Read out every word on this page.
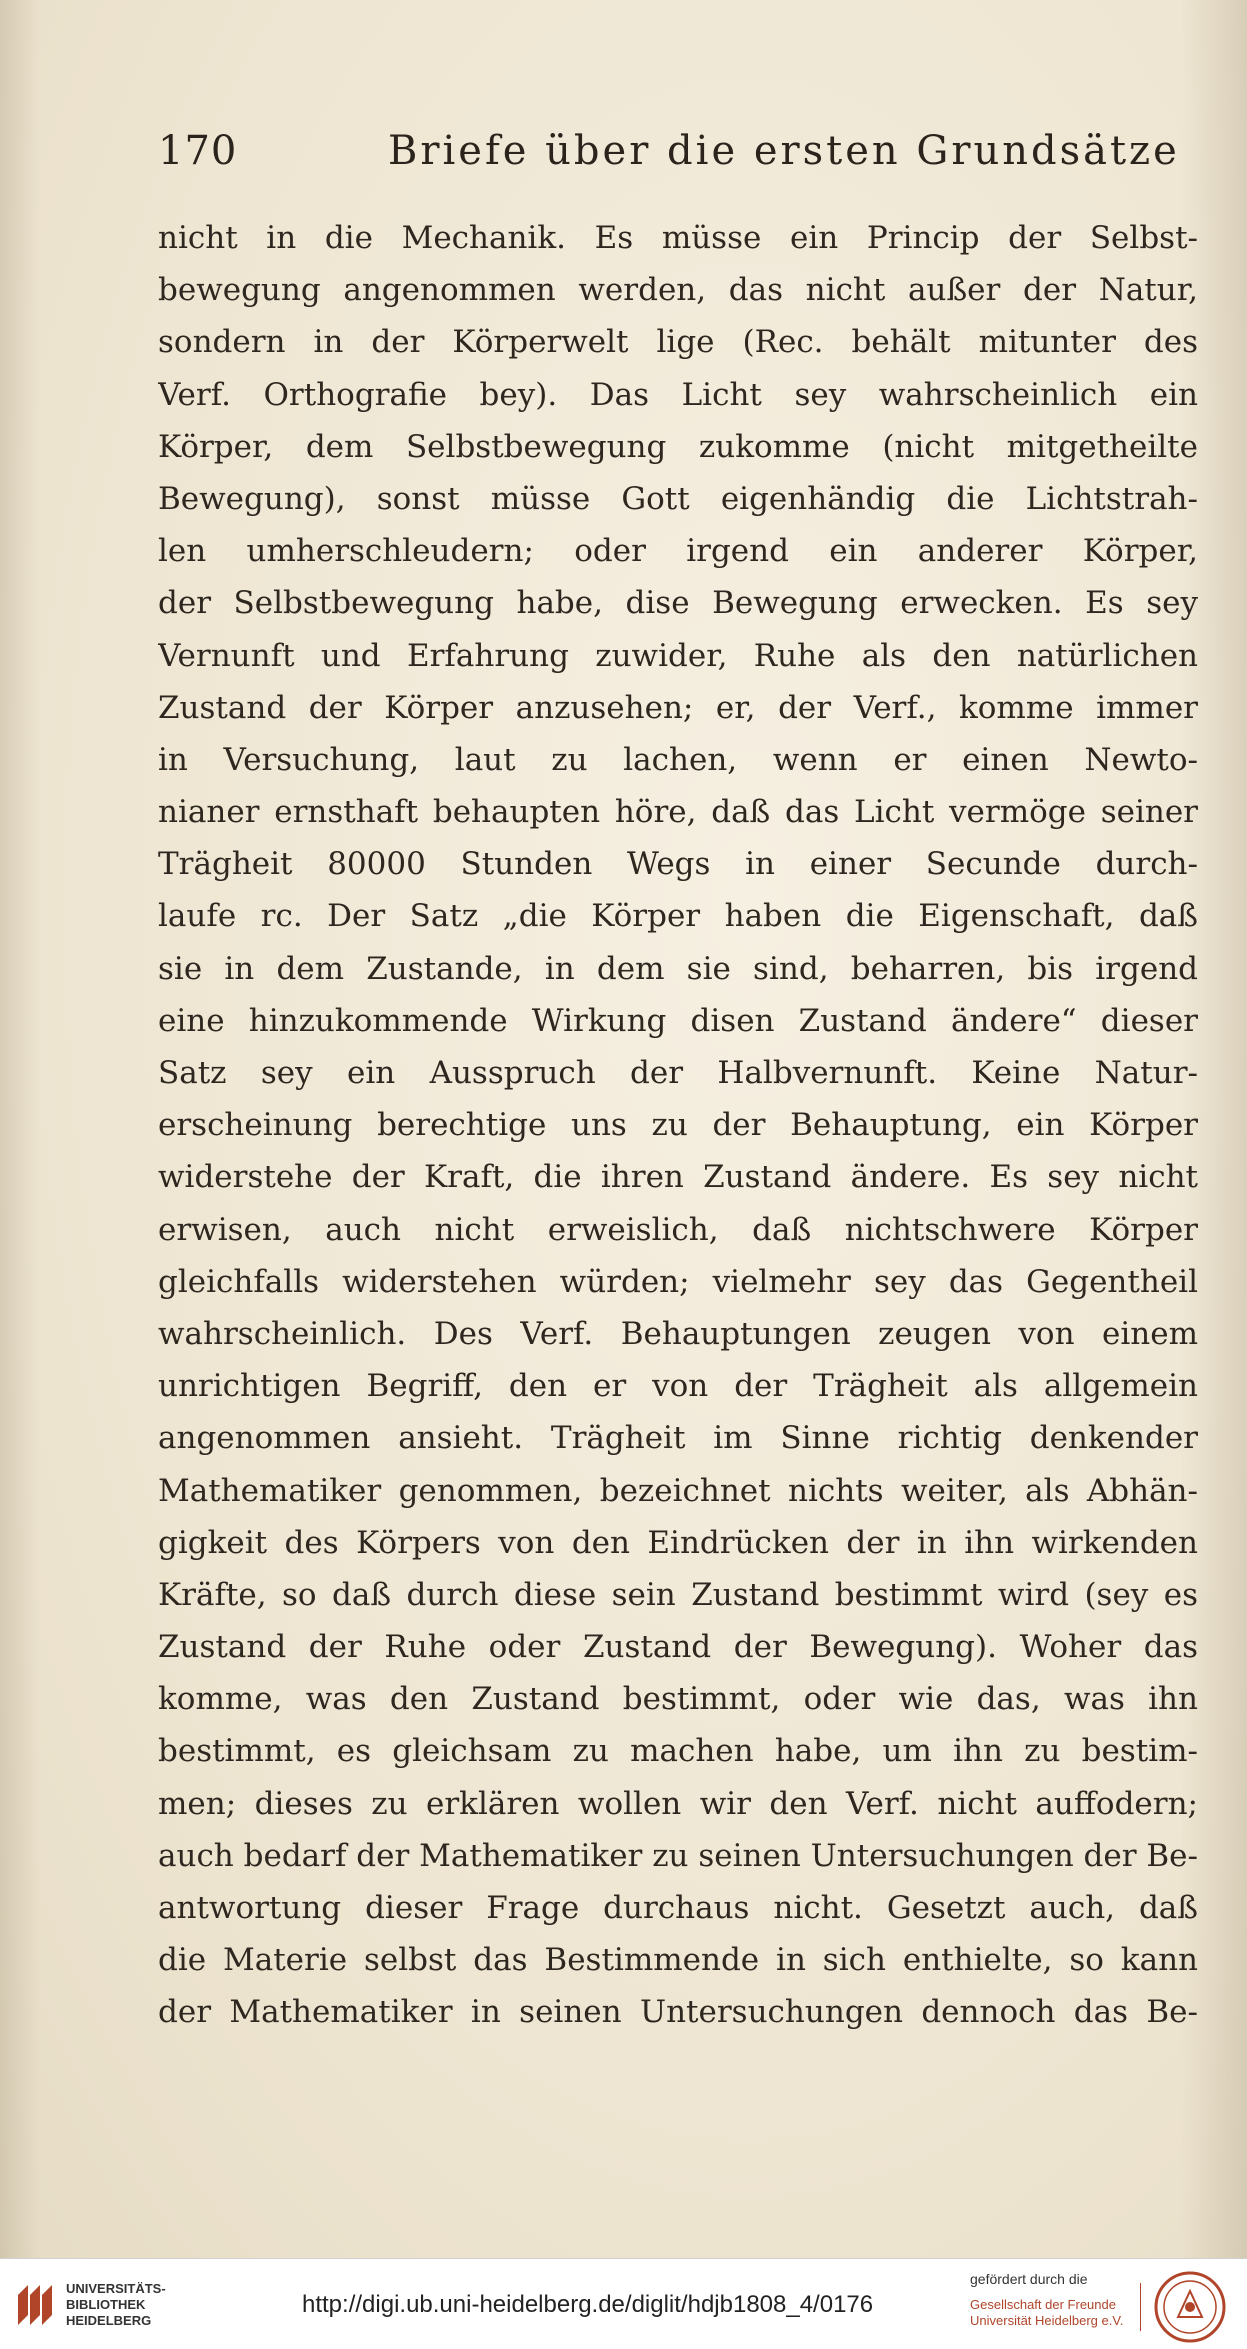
170	Briefe über die ersten Grundsätze
nicht in die Mechanik. Es müsse ein Princip der Selbst-
bewegung angenommen werden, das nicht außer der Natur,
sondern in der Körperwelt lige (Rec. behält mitunter des
Verf. Orthografie bey). Das Licht sey wahrscheinlich ein
Körper, dem Selbstbewegung zukomme (nicht mitgetheilte
Bewegung), sonst müsse Gott eigenhändig die Lichtstrah-
len umherschleudern; oder irgend ein anderer Körper,
der Selbstbewegung habe, dise Bewegung erwecken. Es sey
Vernunft und Erfahrung zuwider, Ruhe als den natürlichen
Zustand der Körper anzusehen; er, der Verf., komme immer
in Versuchung, laut zu lachen, wenn er einen Newto-
nianer ernsthaft behaupten höre, daß das Licht vermöge seiner
Trägheit 80000 Stunden Wegs in einer Secunde durch-
laufe rc. Der Satz „die Körper haben die Eigenschaft, daß
sie in dem Zustande, in dem sie sind, beharren, bis irgend
eine hinzukommende Wirkung disen Zustand ändere“ dieser
Satz sey ein Ausspruch der Halbvernunft. Keine Natur-
erscheinung berechtige uns zu der Behauptung, ein Körper
widerstehe der Kraft, die ihren Zustand ändere. Es sey nicht
erwisen, auch nicht erweislich, daß nichtschwere Körper
gleichfalls widerstehen würden; vielmehr sey das Gegentheil
wahrscheinlich. Des Verf. Behauptungen zeugen von einem
unrichtigen Begriff, den er von der Trägheit als allgemein
angenommen ansieht. Trägheit im Sinne richtig denkender
Mathematiker genommen, bezeichnet nichts weiter, als Abhän-
gigkeit des Körpers von den Eindrücken der in ihn wirkenden
Kräfte, so daß durch diese sein Zustand bestimmt wird (sey es
Zustand der Ruhe oder Zustand der Bewegung). Woher das
komme, was den Zustand bestimmt, oder wie das, was ihn
bestimmt, es gleichsam zu machen habe, um ihn zu bestim-
men; dieses zu erklären wollen wir den Verf. nicht auffodern;
auch bedarf der Mathematiker zu seinen Untersuchungen der Be-
antwortung dieser Frage durchaus nicht. Gesetzt auch, daß
die Materie selbst das Bestimmende in sich enthielte, so kann
der Mathematiker in seinen Untersuchungen dennoch das Be-
UNIVERSITÄTS-BIBLIOTHEK HEIDELBERG
http://digi.ub.uni-heidelberg.de/diglit/hdjb1808_4/0176
gefördert durch die
Gesellschaft der Freunde Universität Heidelberg e.V.
